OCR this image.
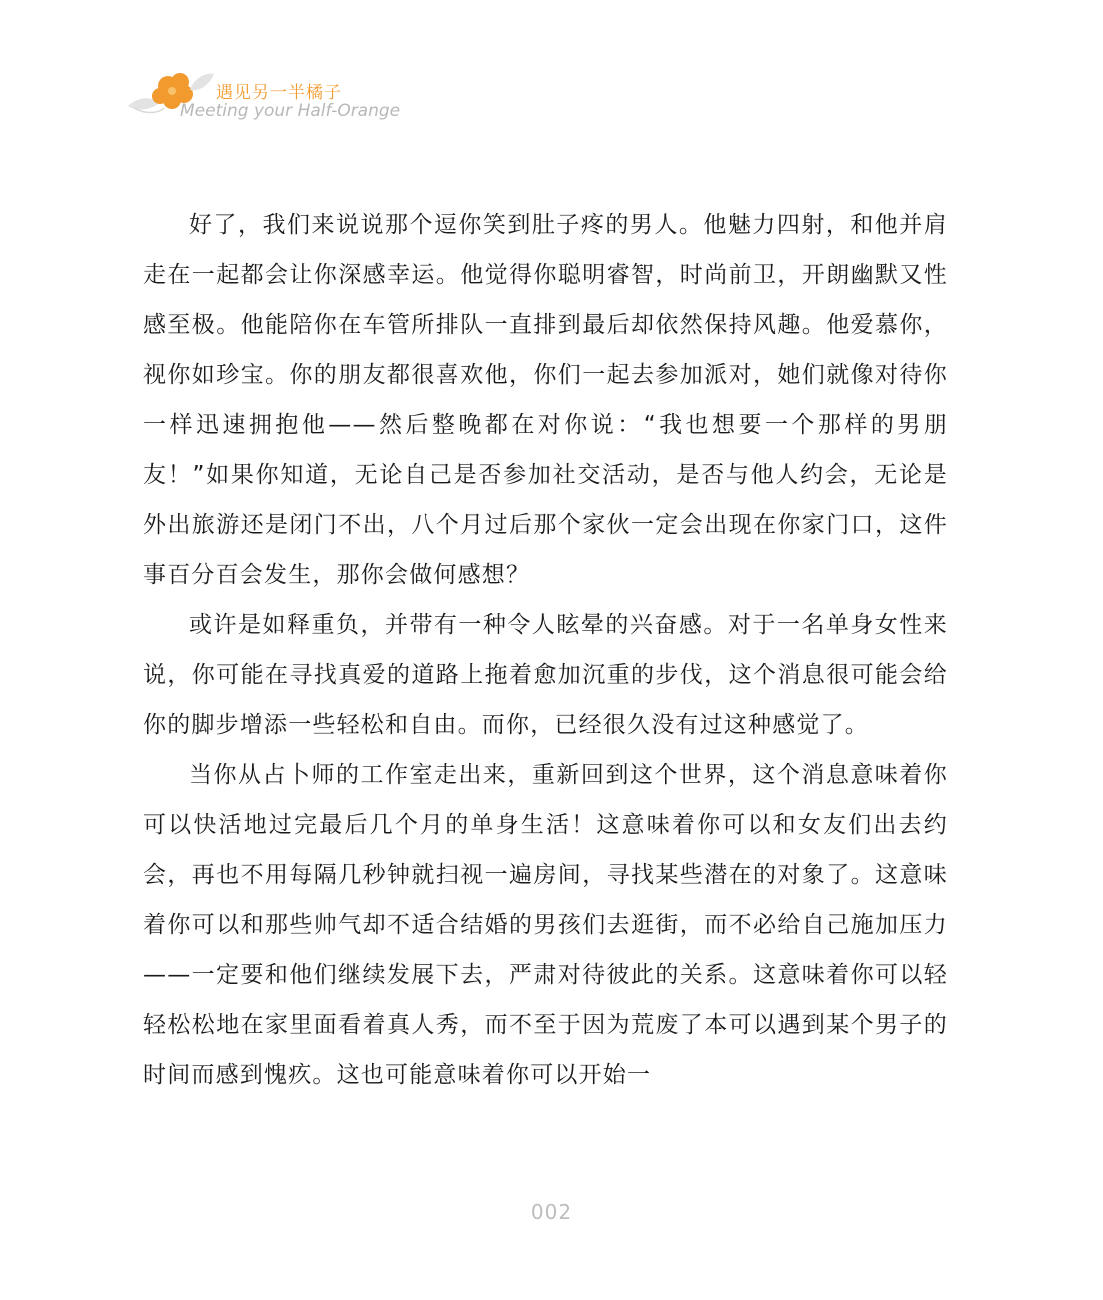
遇见另一半橘子
Meeting your Half-Orange

好了，我们来说说那个逗你笑到肚子疼的男人。他魅力四射，和他并肩走在一起都会让你深感幸运。他觉得你聪明睿智，时尚前卫，开朗幽默又性感至极。他能陪你在车管所排队一直排到最后却依然保持风趣。他爱慕你，视你如珍宝。你的朋友都很喜欢他，你们一起去参加派对，她们就像对待你一样迅速拥抱他——然后整晚都在对你说：“我也想要一个那样的男朋友！”如果你知道，无论自己是否参加社交活动，是否与他人约会，无论是外出旅游还是闭门不出，八个月过后那个家伙一定会出现在你家门口，这件事百分百会发生，那你会做何感想？

或许是如释重负，并带有一种令人眩晕的兴奋感。对于一名单身女性来说，你可能在寻找真爱的道路上拖着愈加沉重的步伐，这个消息很可能会给你的脚步增添一些轻松和自由。而你，已经很久没有过这种感觉了。

当你从占卜师的工作室走出来，重新回到这个世界，这个消息意味着你可以快活地过完最后几个月的单身生活！这意味着你可以和女友们出去约会，再也不用每隔几秒钟就扫视一遍房间，寻找某些潜在的对象了。这意味着你可以和那些帅气却不适合结婚的男孩们去逛街，而不必给自己施加压力——一定要和他们继续发展下去，严肃对待彼此的关系。这意味着你可以轻轻松松地在家里面看着真人秀，而不至于因为荒废了本可以遇到某个男子的时间而感到愧疚。这也可能意味着你可以开始一

002
